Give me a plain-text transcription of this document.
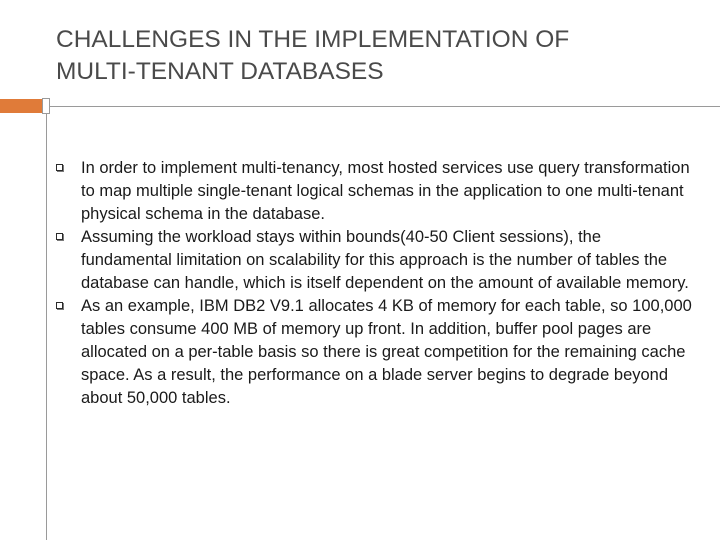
CHALLENGES IN THE IMPLEMENTATION OF
MULTI-TENANT DATABASES
In order to implement multi-tenancy, most hosted services use query transformation to map multiple single-tenant logical schemas in the application to one multi-tenant physical schema in the database.
Assuming the workload stays within bounds(40-50 Client sessions), the fundamental limitation on scalability for this approach is the number of tables the database can handle, which is itself dependent on the amount of available memory.
As an example, IBM DB2 V9.1 allocates 4 KB of memory for each table, so 100,000 tables consume 400 MB of memory up front. In addition, buffer pool pages are allocated on a per-table basis so there is great competition for the remaining cache space. As a result, the performance on a blade server begins to degrade beyond about 50,000 tables.
